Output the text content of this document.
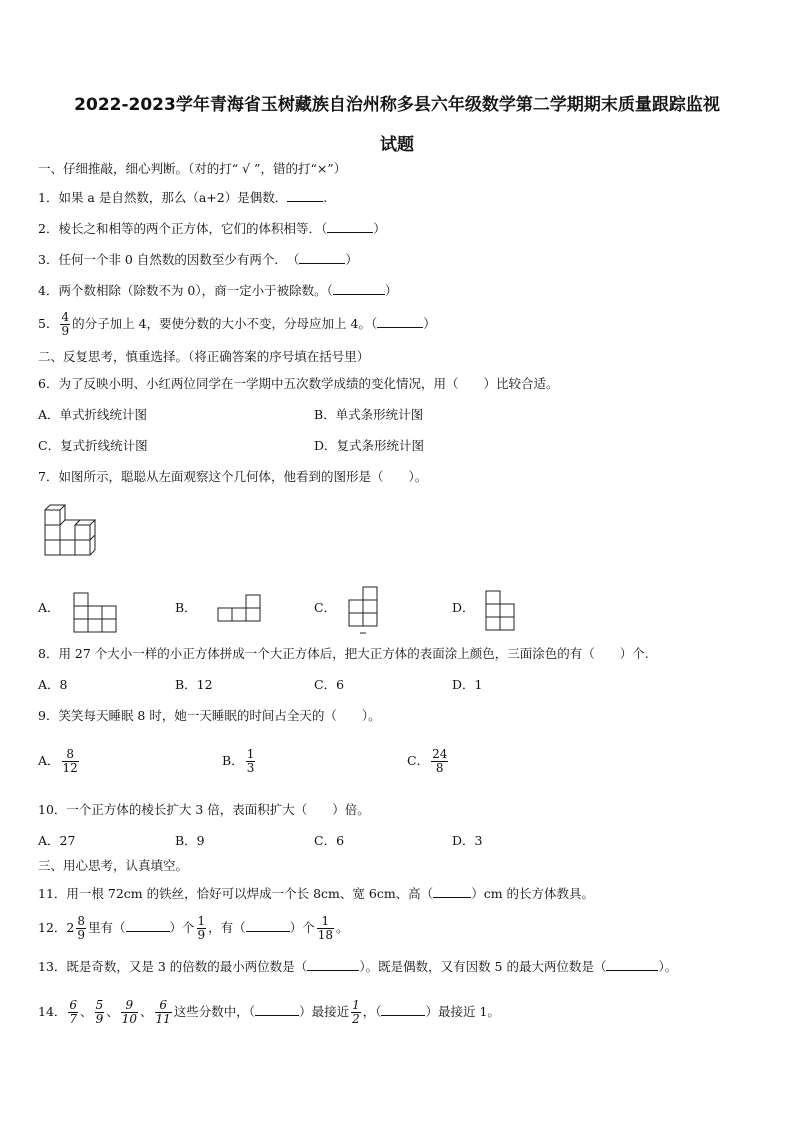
2022-2023学年青海省玉树藏族自治州称多县六年级数学第二学期期末质量跟踪监视
试题
一、仔细推敲，细心判断。（对的打“ √ ”，错的打“×”）
1．如果 a 是自然数，那么（a+2）是偶数．	.
2．棱长之和相等的两个正方体，它们的体积相等．（	）
3．任何一个非 0 自然数的因数至少有两个．　（	）
4．两个数相除（除数不为 0），商一定小于被除数。（	）
5． $\frac{4}{9}$ 的分子加上 4，要使分数的大小不变，分母应加上 4。（	）
二、反复思考，慎重选择。（将正确答案的序号填在括号里）
6．为了反映小明、小红两位同学在一学期中五次数学成绩的变化情况，用（　　）比较合适。
A．单式折线统计图	B．单式条形统计图
C．复式折线统计图	D．复式条形统计图
7．如图所示，聪聪从左面观察这个几何体，他看到的图形是（　　）。
A．	B．	C．	D．
8．用 27 个大小一样的小正方体拼成一个大正方体后，把大正方体的表面涂上颜色，三面涂色的有（　　）个.
A．8	B．12	C．6	D．1
9．笑笑每天睡眠 8 时，她一天睡眠的时间占全天的（　　）。
A． $\frac{8}{12}$	B． $\frac{1}{3}$	C． $\frac{24}{8}$
10．一个正方体的棱长扩大 3 倍，表面积扩大（　　）倍。
A．27	B．9	C．6	D．3
三、用心思考，认真填空。
11．用一根 72cm 的铁丝，恰好可以焊成一个长 8cm、宽 6cm、高（	）cm 的长方体教具。
12．$2 \frac{8}{9}$ 里有（	）个 $\frac{1}{9}$ ，有（	）个 $\frac{1}{18}$ 。
13．既是奇数，又是 3 的倍数的最小两位数是（	）。既是偶数，又有因数 5 的最大两位数是（	）。
14． $\frac{6}{7}$ 、 $\frac{5}{9}$ 、 $\frac{9}{10}$ 、 $\frac{6}{11}$ 这些分数中，（	）最接近 $\frac{1}{2}$ ，（	）最接近 1。
